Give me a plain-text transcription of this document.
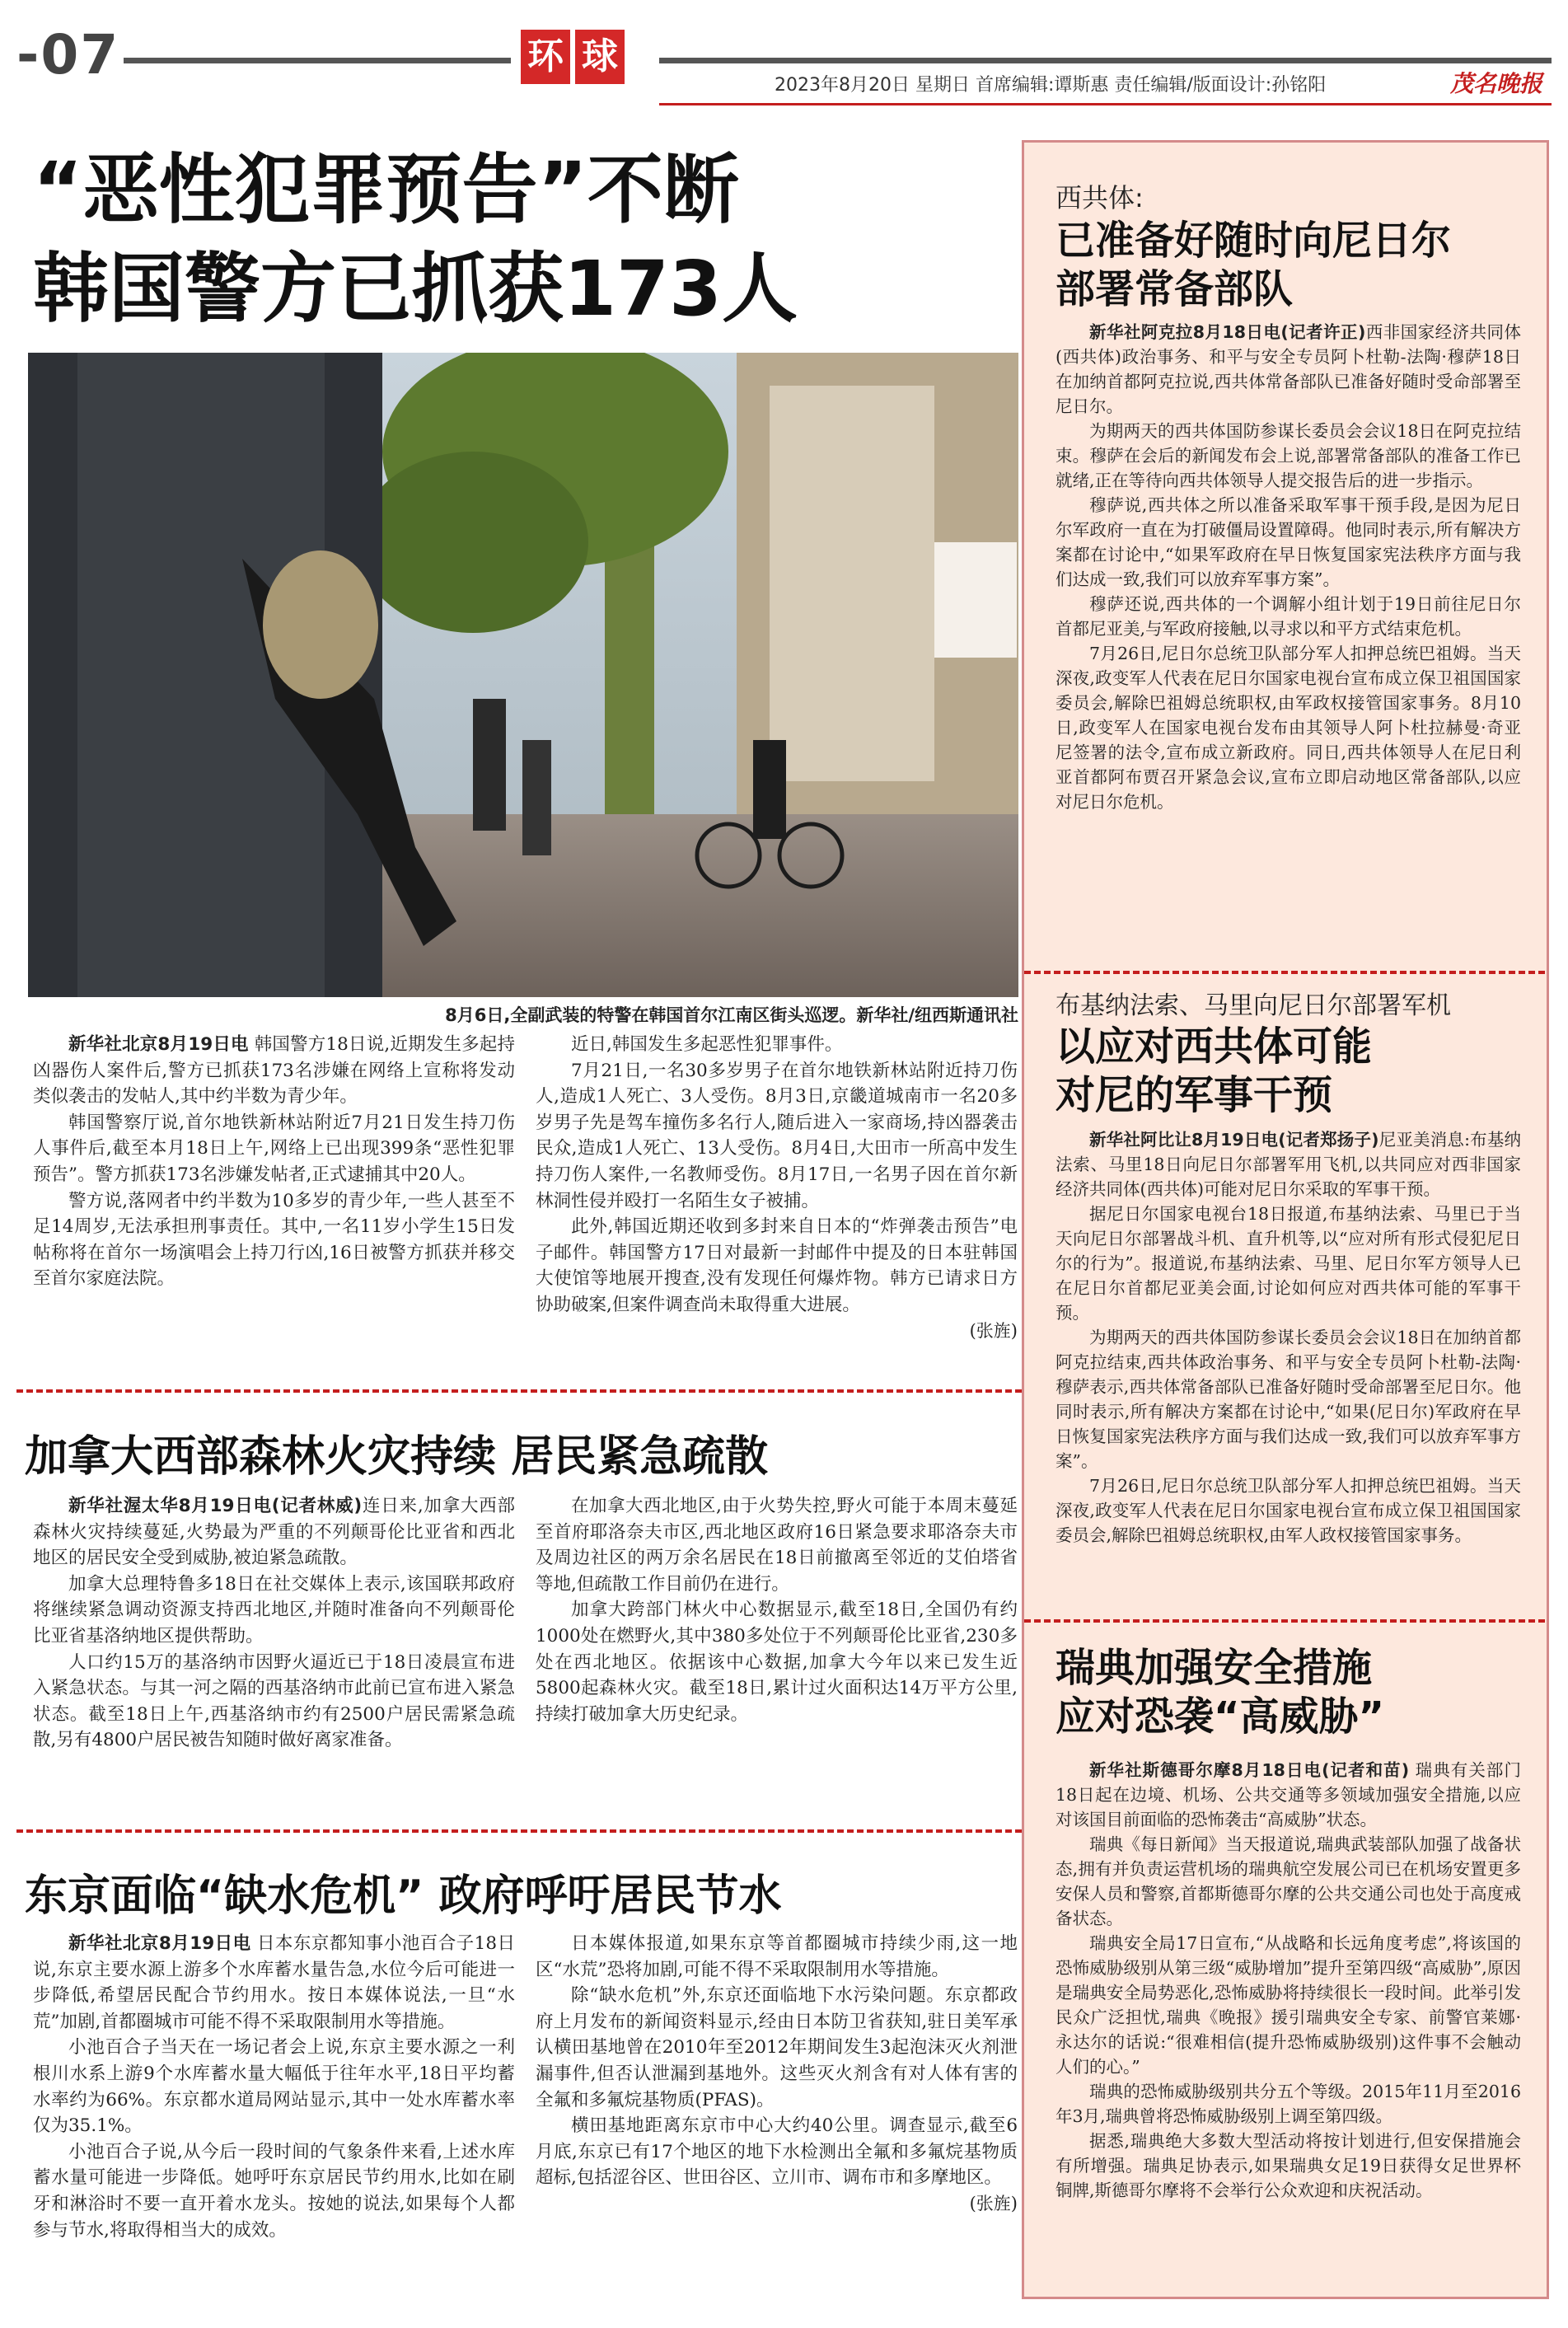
-07	环 球
2023年8月20日 星期日 首席编辑:谭斯惠 责任编辑/版面设计:孙铭阳	茂名晚报
“恶性犯罪预告”不断
韩国警方已抓获173人
8月6日,全副武装的特警在韩国首尔江南区街头巡逻。新华社/纽西斯通讯社

新华社北京8月19日电 韩国警方18日说,近期发生多起持凶器伤人案件后,警方已抓获173名涉嫌在网络上宣称将发动类似袭击的发帖人,其中约半数为青少年。

韩国警察厅说,首尔地铁新林站附近7月21日发生持刀伤人事件后,截至本月18日上午,网络上已出现399条“恶性犯罪预告”。警方抓获173名涉嫌发帖者,正式逮捕其中20人。

警方说,落网者中约半数为10多岁的青少年,一些人甚至不足14周岁,无法承担刑事责任。其中,一名11岁小学生15日发帖称将在首尔一场演唱会上持刀行凶,16日被警方抓获并移交至首尔家庭法院。

近日,韩国发生多起恶性犯罪事件。

7月21日,一名30多岁男子在首尔地铁新林站附近持刀伤人,造成1人死亡、3人受伤。8月3日,京畿道城南市一名20多岁男子先是驾车撞伤多名行人,随后进入一家商场,持凶器袭击民众,造成1人死亡、13人受伤。8月4日,大田市一所高中发生持刀伤人案件,一名教师受伤。8月17日,一名男子因在首尔新林洞性侵并殴打一名陌生女子被捕。

此外,韩国近期还收到多封来自日本的“炸弹袭击预告”电子邮件。韩国警方17日对最新一封邮件中提及的日本驻韩国大使馆等地展开搜查,没有发现任何爆炸物。韩方已请求日方协助破案,但案件调查尚未取得重大进展。

(张旌)
加拿大西部森林火灾持续 居民紧急疏散

新华社渥太华8月19日电(记者林威)连日来,加拿大西部森林火灾持续蔓延,火势最为严重的不列颠哥伦比亚省和西北地区的居民安全受到威胁,被迫紧急疏散。

加拿大总理特鲁多18日在社交媒体上表示,该国联邦政府将继续紧急调动资源支持西北地区,并随时准备向不列颠哥伦比亚省基洛纳地区提供帮助。

人口约15万的基洛纳市因野火逼近已于18日凌晨宣布进入紧急状态。与其一河之隔的西基洛纳市此前已宣布进入紧急状态。截至18日上午,西基洛纳市约有2500户居民需紧急疏散,另有4800户居民被告知随时做好离家准备。

在加拿大西北地区,由于火势失控,野火可能于本周末蔓延至首府耶洛奈夫市区,西北地区政府16日紧急要求耶洛奈夫市及周边社区的两万余名居民在18日前撤离至邻近的艾伯塔省等地,但疏散工作目前仍在进行。

加拿大跨部门林火中心数据显示,截至18日,全国仍有约1000处在燃野火,其中380多处位于不列颠哥伦比亚省,230多处在西北地区。依据该中心数据,加拿大今年以来已发生近5800起森林火灾。截至18日,累计过火面积达14万平方公里,持续打破加拿大历史纪录。

东京面临“缺水危机” 政府呼吁居民节水

新华社北京8月19日电 日本东京都知事小池百合子18日说,东京主要水源上游多个水库蓄水量告急,水位今后可能进一步降低,希望居民配合节约用水。按日本媒体说法,一旦“水荒”加剧,首都圈城市可能不得不采取限制用水等措施。

小池百合子当天在一场记者会上说,东京主要水源之一利根川水系上游9个水库蓄水量大幅低于往年水平,18日平均蓄水率约为66%。东京都水道局网站显示,其中一处水库蓄水率仅为35.1%。

小池百合子说,从今后一段时间的气象条件来看,上述水库蓄水量可能进一步降低。她呼吁东京居民节约用水,比如在刷牙和淋浴时不要一直开着水龙头。按她的说法,如果每个人都参与节水,将取得相当大的成效。

日本媒体报道,如果东京等首都圈城市持续少雨,这一地区“水荒”恐将加剧,可能不得不采取限制用水等措施。

除“缺水危机”外,东京还面临地下水污染问题。东京都政府上月发布的新闻资料显示,经由日本防卫省获知,驻日美军承认横田基地曾在2010年至2012年期间发生3起泡沫灭火剂泄漏事件,但否认泄漏到基地外。这些灭火剂含有对人体有害的全氟和多氟烷基物质(PFAS)。

横田基地距离东京市中心大约40公里。调查显示,截至6月底,东京已有17个地区的地下水检测出全氟和多氟烷基物质超标,包括涩谷区、世田谷区、立川市、调布市和多摩地区。

(张旌)
西共体:
已准备好随时向尼日尔
部署常备部队

新华社阿克拉8月18日电(记者许正)西非国家经济共同体(西共体)政治事务、和平与安全专员阿卜杜勒-法陶·穆萨18日在加纳首都阿克拉说,西共体常备部队已准备好随时受命部署至尼日尔。

为期两天的西共体国防参谋长委员会会议18日在阿克拉结束。穆萨在会后的新闻发布会上说,部署常备部队的准备工作已就绪,正在等待向西共体领导人提交报告后的进一步指示。

穆萨说,西共体之所以准备采取军事干预手段,是因为尼日尔军政府一直在为打破僵局设置障碍。他同时表示,所有解决方案都在讨论中,“如果军政府在早日恢复国家宪法秩序方面与我们达成一致,我们可以放弃军事方案”。

穆萨还说,西共体的一个调解小组计划于19日前往尼日尔首都尼亚美,与军政府接触,以寻求以和平方式结束危机。

7月26日,尼日尔总统卫队部分军人扣押总统巴祖姆。当天深夜,政变军人代表在尼日尔国家电视台宣布成立保卫祖国国家委员会,解除巴祖姆总统职权,由军政权接管国家事务。8月10日,政变军人在国家电视台发布由其领导人阿卜杜拉赫曼·奇亚尼签署的法令,宣布成立新政府。同日,西共体领导人在尼日利亚首都阿布贾召开紧急会议,宣布立即启动地区常备部队,以应对尼日尔危机。

布基纳法索、马里向尼日尔部署军机
以应对西共体可能
对尼的军事干预

新华社阿比让8月19日电(记者郑扬子)尼亚美消息:布基纳法索、马里18日向尼日尔部署军用飞机,以共同应对西非国家经济共同体(西共体)可能对尼日尔采取的军事干预。

据尼日尔国家电视台18日报道,布基纳法索、马里已于当天向尼日尔部署战斗机、直升机等,以“应对所有形式侵犯尼日尔的行为”。报道说,布基纳法索、马里、尼日尔军方领导人已在尼日尔首都尼亚美会面,讨论如何应对西共体可能的军事干预。

为期两天的西共体国防参谋长委员会会议18日在加纳首都阿克拉结束,西共体政治事务、和平与安全专员阿卜杜勒-法陶·穆萨表示,西共体常备部队已准备好随时受命部署至尼日尔。他同时表示,所有解决方案都在讨论中,“如果(尼日尔)军政府在早日恢复国家宪法秩序方面与我们达成一致,我们可以放弃军事方案”。

7月26日,尼日尔总统卫队部分军人扣押总统巴祖姆。当天深夜,政变军人代表在尼日尔国家电视台宣布成立保卫祖国国家委员会,解除巴祖姆总统职权,由军人政权接管国家事务。

瑞典加强安全措施
应对恐袭“高威胁”

新华社斯德哥尔摩8月18日电(记者和苗) 瑞典有关部门18日起在边境、机场、公共交通等多领域加强安全措施,以应对该国目前面临的恐怖袭击“高威胁”状态。

瑞典《每日新闻》当天报道说,瑞典武装部队加强了战备状态,拥有并负责运营机场的瑞典航空发展公司已在机场安置更多安保人员和警察,首都斯德哥尔摩的公共交通公司也处于高度戒备状态。

瑞典安全局17日宣布,“从战略和长远角度考虑”,将该国的恐怖威胁级别从第三级“威胁增加”提升至第四级“高威胁”,原因是瑞典安全局势恶化,恐怖威胁将持续很长一段时间。此举引发民众广泛担忧,瑞典《晚报》援引瑞典安全专家、前警官莱娜·永达尔的话说:“很难相信(提升恐怖威胁级别)这件事不会触动人们的心。”

瑞典的恐怖威胁级别共分五个等级。2015年11月至2016年3月,瑞典曾将恐怖威胁级别上调至第四级。

据悉,瑞典绝大多数大型活动将按计划进行,但安保措施会有所增强。瑞典足协表示,如果瑞典女足19日获得女足世界杯铜牌,斯德哥尔摩将不会举行公众欢迎和庆祝活动。
